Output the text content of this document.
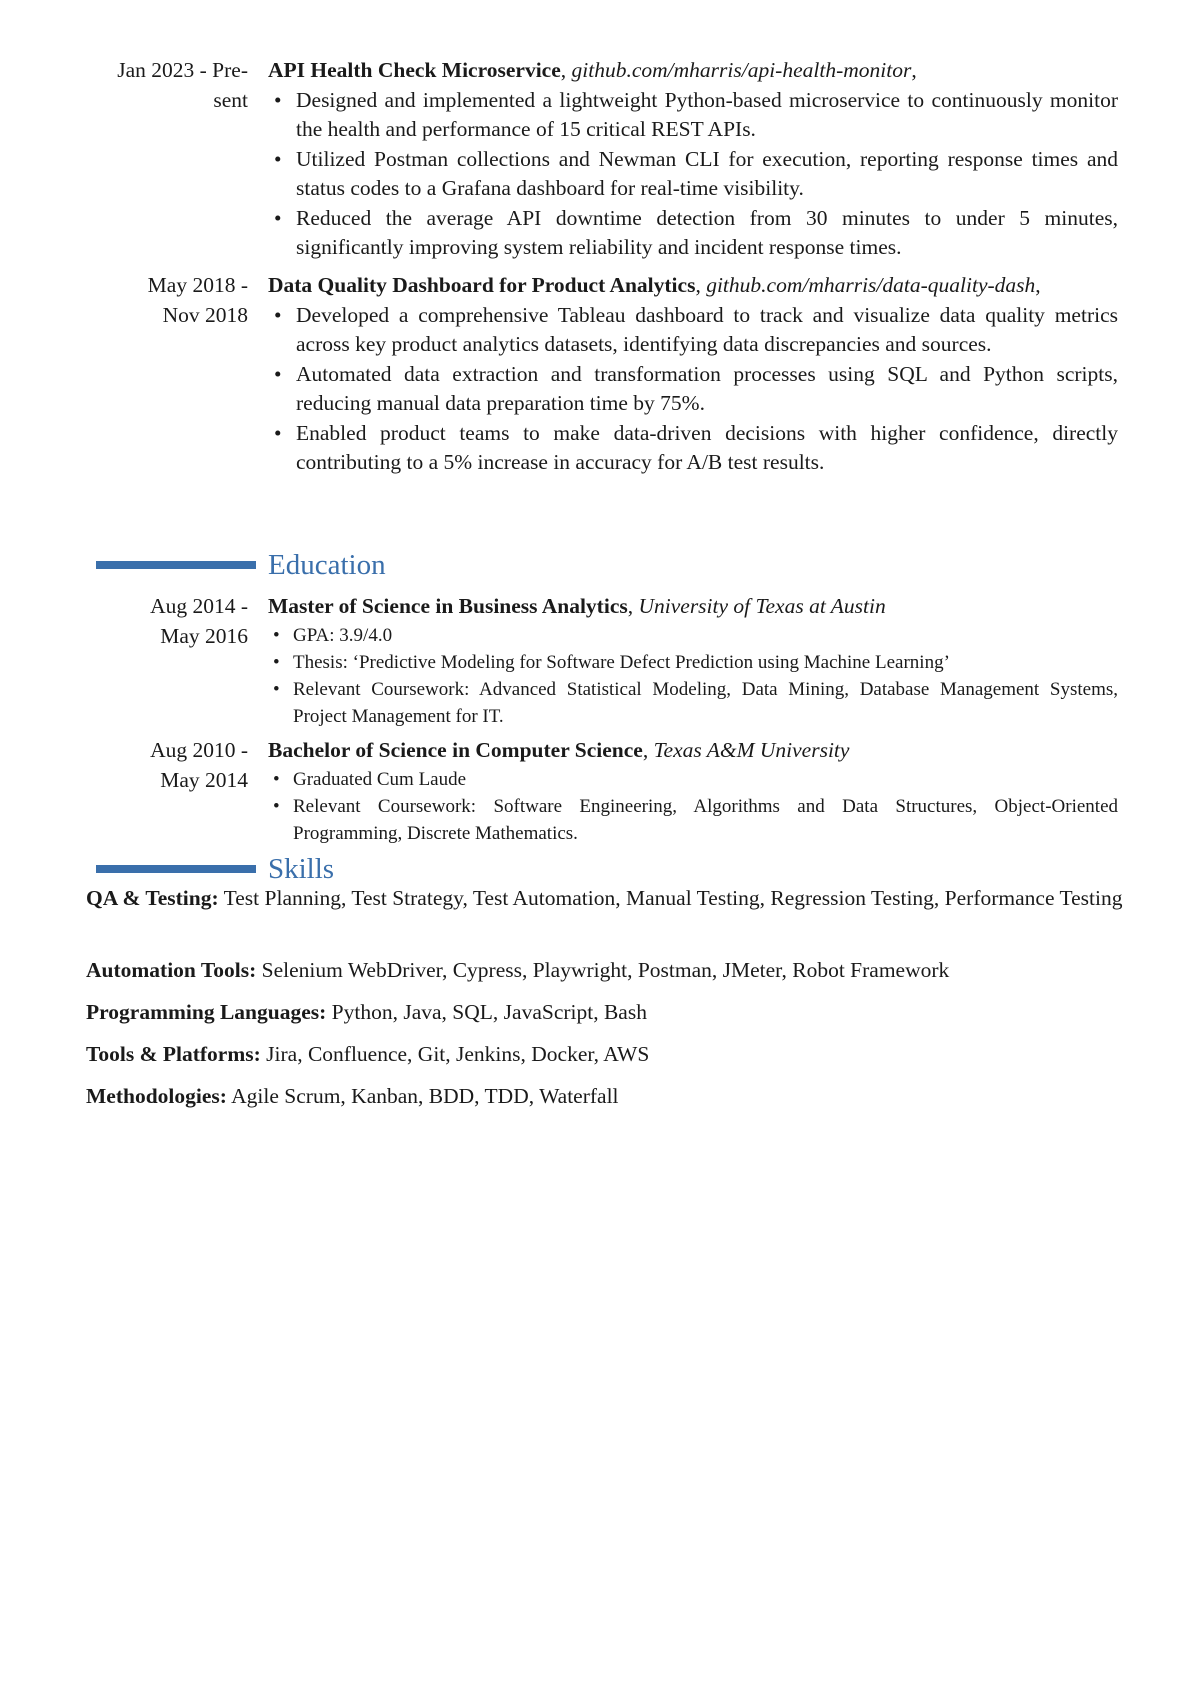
Jan 2023 - Pre-
sent
API Health Check Microservice, github.com/mharris/api-health-monitor,
• Designed and implemented a lightweight Python-based microservice to continuously monitor the health and performance of 15 critical REST APIs.
• Utilized Postman collections and Newman CLI for execution, reporting response times and status codes to a Grafana dashboard for real-time visibility.
• Reduced the average API downtime detection from 30 minutes to under 5 minutes, significantly improving system reliability and incident response times.
May 2018 -
Nov 2018
Data Quality Dashboard for Product Analytics, github.com/mharris/data-quality-dash,
• Developed a comprehensive Tableau dashboard to track and visualize data quality metrics across key product analytics datasets, identifying data discrepancies and sources.
• Automated data extraction and transformation processes using SQL and Python scripts, reducing manual data preparation time by 75%.
• Enabled product teams to make data-driven decisions with higher confidence, directly contributing to a 5% increase in accuracy for A/B test results.
Education
Aug 2014 -
May 2016
Master of Science in Business Analytics, University of Texas at Austin
• GPA: 3.9/4.0
• Thesis: ‘Predictive Modeling for Software Defect Prediction using Machine Learning’
• Relevant Coursework: Advanced Statistical Modeling, Data Mining, Database Management Systems, Project Management for IT.
Aug 2010 -
May 2014
Bachelor of Science in Computer Science, Texas A&M University
• Graduated Cum Laude
• Relevant Coursework: Software Engineering, Algorithms and Data Structures, Object-Oriented Programming, Discrete Mathematics.
Skills
QA & Testing: Test Planning, Test Strategy, Test Automation, Manual Testing, Regression Testing, Performance Testing
Automation Tools: Selenium WebDriver, Cypress, Playwright, Postman, JMeter, Robot Framework
Programming Languages: Python, Java, SQL, JavaScript, Bash
Tools & Platforms: Jira, Confluence, Git, Jenkins, Docker, AWS
Methodologies: Agile Scrum, Kanban, BDD, TDD, Waterfall
